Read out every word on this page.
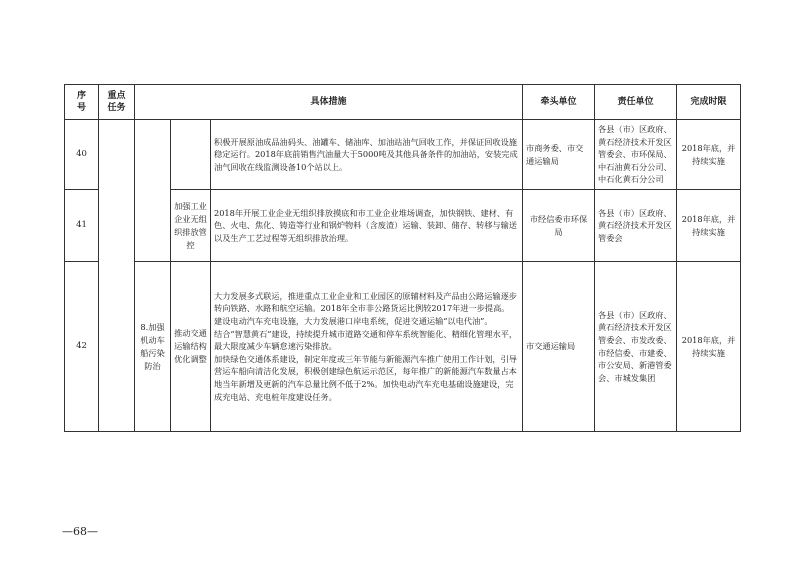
序号	重点任务	具体措施			牵头单位	责任单位	完成时限
40				积极开展原油成品油码头、油罐车、储油库、加油站油气回收工作，并保证回收设施稳定运行。2018年底前销售汽油量大于5000吨及其他具备条件的加油站，安装完成油气回收在线监测设备10个站以上。	市商务委、市交通运输局	各县（市）区政府、黄石经济技术开发区管委会、市环保局、中石油黄石分公司、中石化黄石分公司	2018年底，并持续实施
41			加强工业企业无组织排放管控	2018年开展工业企业无组织排放摸底和市工业企业堆场调查，加快钢铁、建材、有色、火电、焦化、铸造等行业和锅炉物料（含废渣）运输、装卸、储存、转移与输送以及生产工艺过程等无组织排放治理。	市经信委市环保局	各县（市）区政府、黄石经济技术开发区管委会	2018年底，并持续实施
42		8.加强机动车船污染防治	推动交通运输结构优化调整	大力发展多式联运，推进重点工业企业和工业园区的原辅材料及产品由公路运输逐步转向铁路、水路和航空运输。2018年全市非公路货运比例较2017年进一步提高。
建设电动汽车充电设施，大力发展港口岸电系统，促进交通运输“以电代油”。
结合“智慧黄石”建设，持续提升城市道路交通和停车系统智能化、精细化管理水平，最大限度减少车辆怠速污染排放。
加快绿色交通体系建设，制定年度或三年节能与新能源汽车推广使用工作计划，引导营运车船向清洁化发展，积极创建绿色航运示范区，每年推广的新能源汽车数量占本地当年新增及更新的汽车总量比例不低于2%。加快电动汽车充电基础设施建设，完成充电站、充电桩年度建设任务。	市交通运输局	各县（市）区政府、黄石经济技术开发区管委会、市发改委、市经信委、市建委、市公安局、新港管委会、市城发集团	2018年底，并持续实施
—68—
